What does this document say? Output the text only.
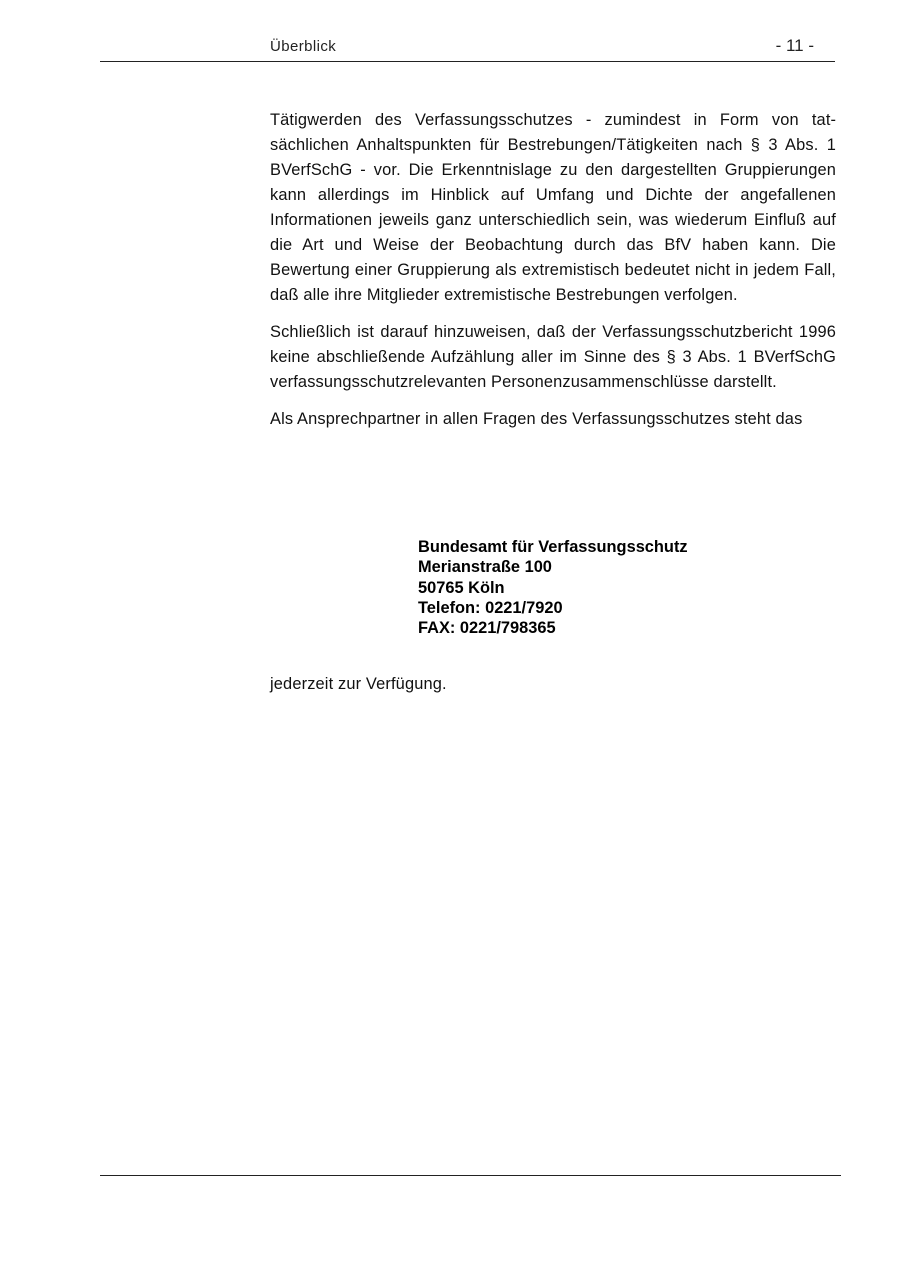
Überblick	- 11 -

Tätigwerden des Verfassungsschutzes - zumindest in Form von tatsächlichen Anhaltspunkten für Bestrebungen/Tätigkeiten nach § 3 Abs. 1 BVerfSchG - vor. Die Erkenntnislage zu den dargestellten Gruppierungen kann allerdings im Hinblick auf Umfang und Dichte der angefallenen Informationen jeweils ganz unterschiedlich sein, was wiederum Einfluß auf die Art und Weise der Beobachtung durch das BfV haben kann. Die Bewertung einer Gruppierung als extremistisch bedeutet nicht in jedem Fall, daß alle ihre Mitglieder extremistische Bestrebungen verfolgen.

Schließlich ist darauf hinzuweisen, daß der Verfassungsschutzbericht 1996 keine abschließende Aufzählung aller im Sinne des § 3 Abs. 1 BVerfSchG verfassungsschutzrelevanten Personenzusammenschlüsse darstellt.

Als Ansprechpartner in allen Fragen des Verfassungsschutzes steht das

Bundesamt für Verfassungsschutz
Merianstraße 100
50765 Köln
Telefon: 0221/7920
FAX: 0221/798365
jederzeit zur Verfügung.
